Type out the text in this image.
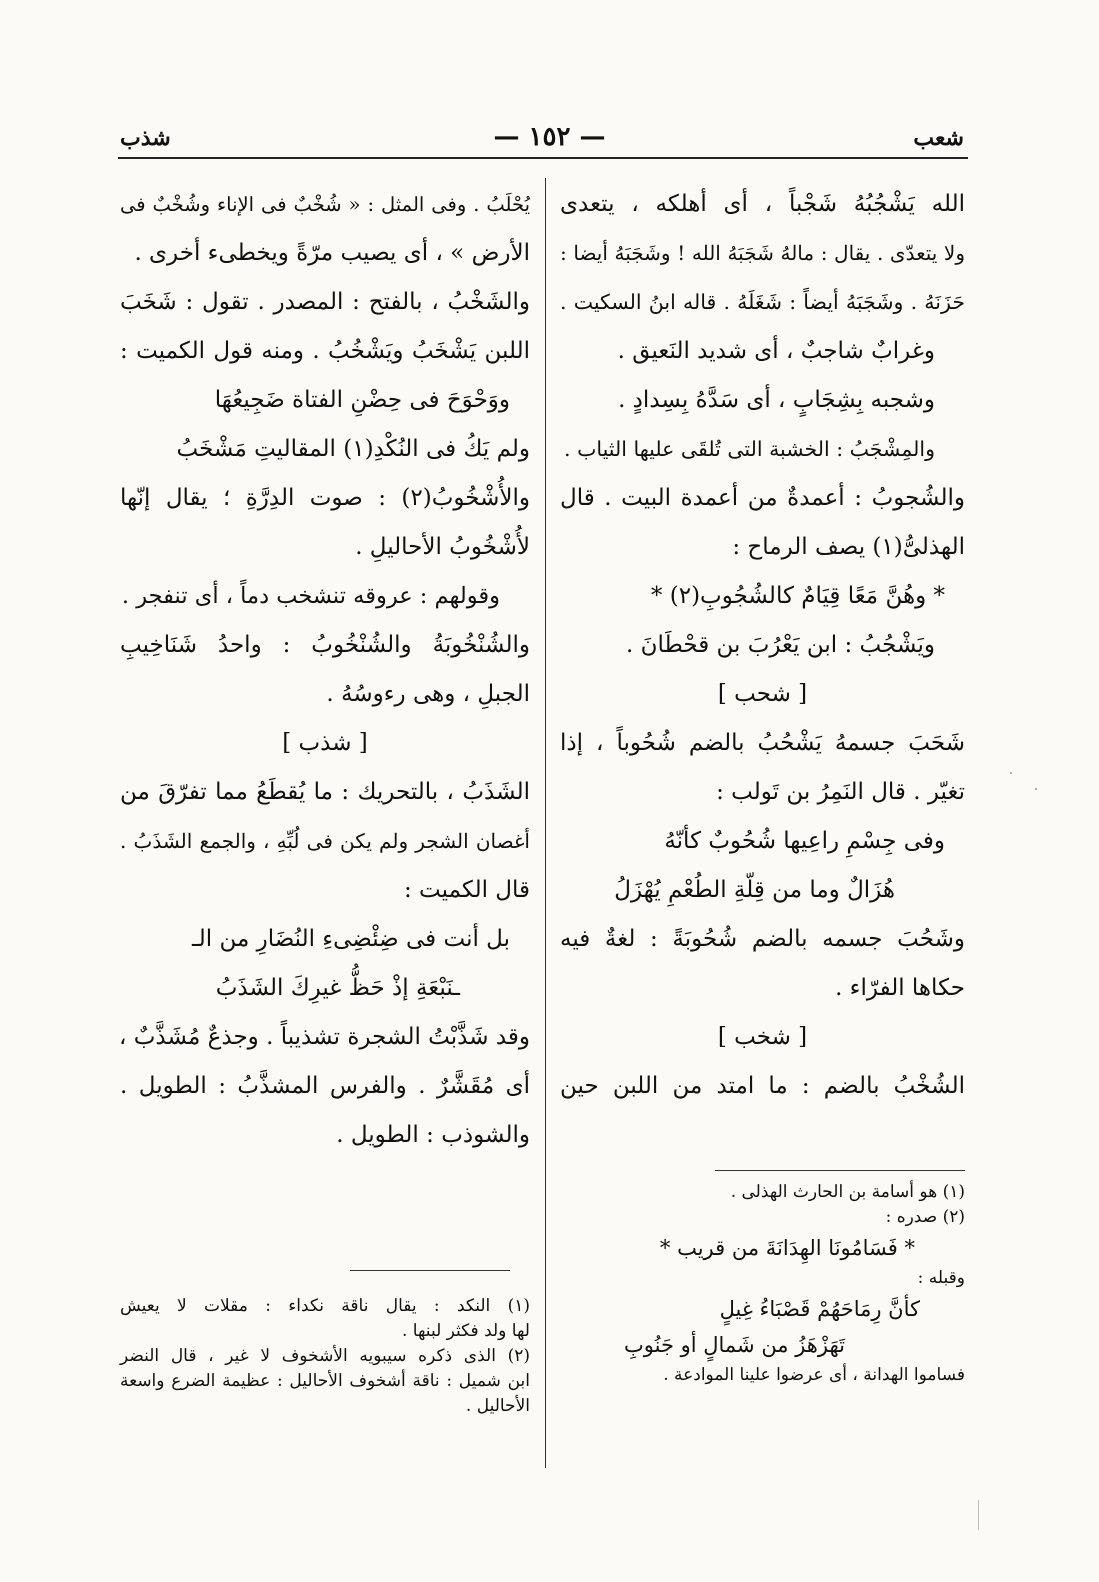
شعب
— ١٥٢ —
شذب
الله يَشْجُبُهُ شَجْباً ، أى أهلكه ، يتعدى
ولا يتعدّى . يقال : مالهُ شَجَبَهُ الله ! وشَجَبَهُ أيضا :
حَزَنَهُ . وشَجَبَهُ أيضاً : شَغَلَهُ . قاله ابنُ السكيت .
وغرابٌ شاجبٌ ، أى شديد النَعيق .
وشجبه بِشِجَابٍ ، أى سَدَّهُ بِسِدادٍ .
والمِشْجَبُ : الخشبة التى تُلقَى عليها الثياب .
والشُجوبُ : أعمدةٌ من أعمدة البيت . قال
الهذلىُّ(١) يصف الرماح :
* وهُنَّ مَعًا قِيَامٌ كالشُجُوبِ(٢) *
ويَشْجُبُ : ابن يَعْرُبَ بن قحْطَانَ .
[ شحب ]
شَحَبَ جسمهُ يَشْحُبُ بالضم شُحُوباً ، إذا
تغيّر . قال النَمِرُ بن تَولب :
وفى جِسْمِ راعِيها شُحُوبٌ كأنّهُ
هُزَالٌ وما من قِلّةِ الطُعْمِ يُهْزَلُ
وشَحُبَ جسمه بالضم شُحُوبَةً : لغةٌ فيه
حكاها الفرّاء .
[ شخب ]
الشُخْبُ بالضم : ما امتد من اللبن حين
(١) هو أسامة بن الحارث الهذلى .
(٢) صدره :
* فَسَامُونَا الهِدَانَةَ من قريب *
وقبله :
كأنَّ رِمَاحَهُمْ قَصْبَاءُ غِيلٍ
تَهَزْهَزُ من شَمالٍ أو جَنُوبِ
فساموا الهدانة ، أى عرضوا علينا الموادعة .
يُحْلَبُ . وفى المثل : « شُخْبٌ فى الإناء وشُخْبٌ فى
الأرض » ، أى يصيب مرّةً ويخطىء أخرى .
والشَخْبُ ، بالفتح : المصدر . تقول : شَخَبَ
اللبن يَشْخَبُ ويَشْخُبُ . ومنه قول الكميت :
ووَحْوَحَ فى حِضْنِ الفتاة ضَجِيعُهَا
ولم يَكُ فى النُكْدِ(١) المقاليتِ مَشْخَبُ
والأُشْخُوبُ(٢) : صوت الدِرَّةِ ؛ يقال إنّها
لأُشْخُوبُ الأحاليلِ .
وقولهم : عروقه تنشخب دماً ، أى تنفجر .
والشُنْخُوبَةُ والشُنْخُوبُ : واحدُ شَنَاخِيبِ
الجبلِ ، وهى رءوسُهُ .
[ شذب ]
الشَذَبُ ، بالتحريك : ما يُقطَعُ مما تفرّقَ من
أغصان الشجر ولم يكن فى لُبِّهِ ، والجمع الشَذَبُ .
قال الكميت :
بل أنت فى ضِئْضِىءِ النُضَارِ من الـ
ـنَبْعَةِ إذْ حَظُّ غيرِكَ الشَذَبُ
وقد شَذَّبْتُ الشجرة تشذيباً . وجذعٌ مُشَذَّبٌ ،
أى مُقَشَّرٌ . والفرس المشذَّبُ : الطويل .
والشوذب : الطويل .
(١) النكد : يقال ناقة نكداء : مقلات لا يعيش
لها ولد فكثر لبنها .
(٢) الذى ذكره سيبويه الأشخوف لا غير ، قال النضر
ابن شميل : ناقة أشخوف الأحاليل : عظيمة الضرع واسعة
الأحاليل .
